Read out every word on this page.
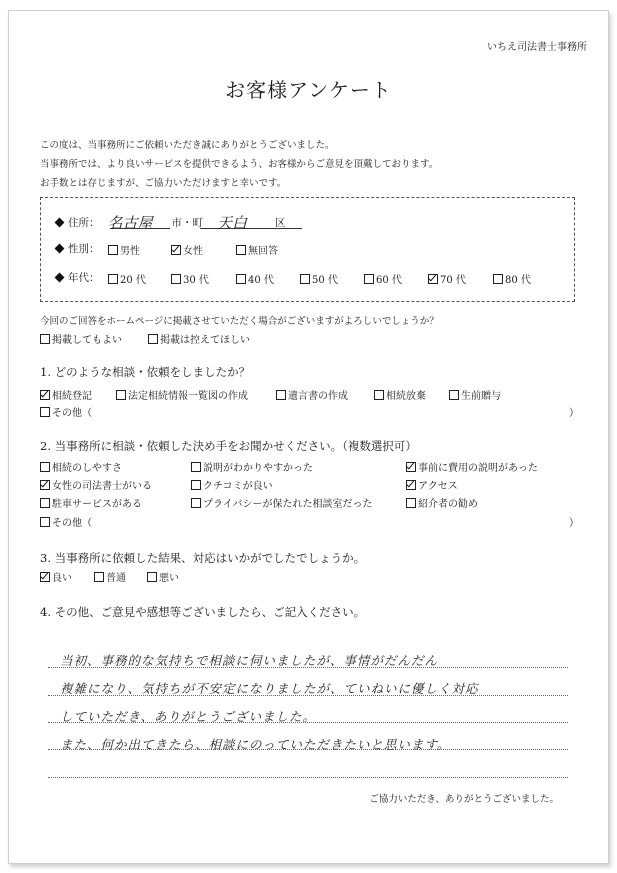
いちえ司法書士事務所
お客様アンケート
この度は、当事務所にご依頼いただき誠にありがとうございました。
当事務所では、より良いサービスを提供できるよう、お客様からご意見を頂戴しております。
お手数とは存じますが、ご協力いただけますと幸いです。
住所： 名古屋	市・町 天白	区
性別： 男性	女性	無回答
年代： 20 代	30 代	40 代	50 代	60 代	70 代	80 代
今回のご回答をホームページに掲載させていただく場合がございますがよろしいでしょうか？
掲載してもよい	掲載は控えてほしい
1. どのような相談・依頼をしましたか？
相続登記	法定相続情報一覧図の作成	遺言書の作成	相続放棄	生前贈与
その他（	）
2. 当事務所に相談・依頼した決め手をお聞かせください。（複数選択可）
相続のしやすさ	説明がわかりやすかった	事前に費用の説明があった
女性の司法書士がいる	クチコミが良い	アクセス
駐車サービスがある	プライバシーが保たれた相談室だった	紹介者の勧め
その他（	）
3. 当事務所に依頼した結果、対応はいかがでしたでしょうか。
良い	普通	悪い
4. その他、ご意見や感想等ございましたら、ご記入ください。
当初、事務的な気持ちで相談に伺いましたが、事情がだんだん
複雑になり、気持ちが不安定になりましたが、ていねいに優しく対応
していただき、ありがとうございました。
また、何か出てきたら、相談にのっていただきたいと思います。
ご協力いただき、ありがとうございました。
